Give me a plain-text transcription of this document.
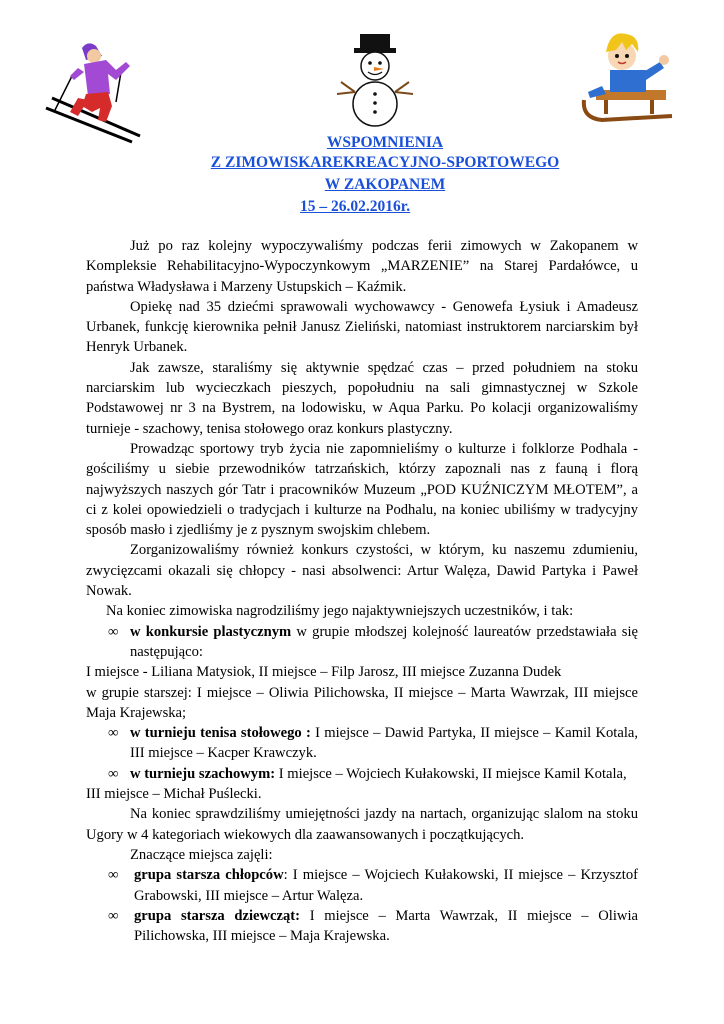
WSPOMNIENIA
Z ZIMOWISKAREKREACYJNO-SPORTOWEGO
W ZAKOPANEM
15 – 26.02.2016r.

Już po raz kolejny wypoczywaliśmy podczas ferii zimowych w Zakopanem w Kompleksie Rehabilitacyjno-Wypoczynkowym „MARZENIE” na Starej Pardałówce, u państwa Władysława i Marzeny Ustupskich – Kaźmik.

Opiekę nad 35 dziećmi sprawowali wychowawcy - Genowefa Łysiuk i Amadeusz Urbanek, funkcję kierownika pełnił Janusz Zieliński, natomiast instruktorem narciarskim był Henryk Urbanek.

Jak zawsze, staraliśmy się aktywnie spędzać czas – przed południem na stoku narciarskim lub wycieczkach pieszych, popołudniu na sali gimnastycznej w Szkole Podstawowej nr 3 na Bystrem, na lodowisku, w Aqua Parku. Po kolacji organizowaliśmy turnieje - szachowy, tenisa stołowego oraz konkurs plastyczny.

Prowadząc sportowy tryb życia nie zapomnieliśmy o kulturze i folklorze Podhala - gościliśmy u siebie przewodników tatrzańskich, którzy zapoznali nas z fauną i florą najwyższych naszych gór Tatr i pracowników Muzeum „POD KUŹNICZYM MŁOTEM”, a ci z kolei opowiedzieli o tradycjach i kulturze na Podhalu, na koniec ubiliśmy w tradycyjny sposób masło i zjedliśmy je z pysznym swojskim chlebem.

Zorganizowaliśmy również konkurs czystości, w którym, ku naszemu zdumieniu, zwycięzcami okazali się chłopcy - nasi absolwenci: Artur Walęza, Dawid Partyka i Paweł Nowak.

Na koniec zimowiska nagrodziliśmy jego najaktywniejszych uczestników, i tak:

∞ w konkursie plastycznym w grupie młodszej kolejność laureatów przedstawiała się następująco:

I miejsce - Liliana Matysiok, II miejsce – Filp Jarosz, III miejsce Zuzanna Dudek

w grupie starszej: I miejsce – Oliwia Pilichowska, II miejsce – Marta Wawrzak, III miejsce Maja Krajewska;

∞ w turnieju tenisa stołowego : I miejsce – Dawid Partyka, II miejsce – Kamil Kotala, III miejsce – Kacper Krawczyk.

∞ w turnieju szachowym: I miejsce – Wojciech Kułakowski, II miejsce Kamil Kotala,

III miejsce – Michał Puślecki.

Na koniec sprawdziliśmy umiejętności jazdy na nartach, organizując slalom na stoku Ugory w 4 kategoriach wiekowych dla zaawansowanych i początkujących.

Znaczące miejsca zajęli:

∞ grupa starsza chłopców: I miejsce – Wojciech Kułakowski, II miejsce – Krzysztof Grabowski, III miejsce – Artur Walęza.

∞ grupa starsza dziewcząt: I miejsce – Marta Wawrzak, II miejsce – Oliwia Pilichowska, III miejsce – Maja Krajewska.
